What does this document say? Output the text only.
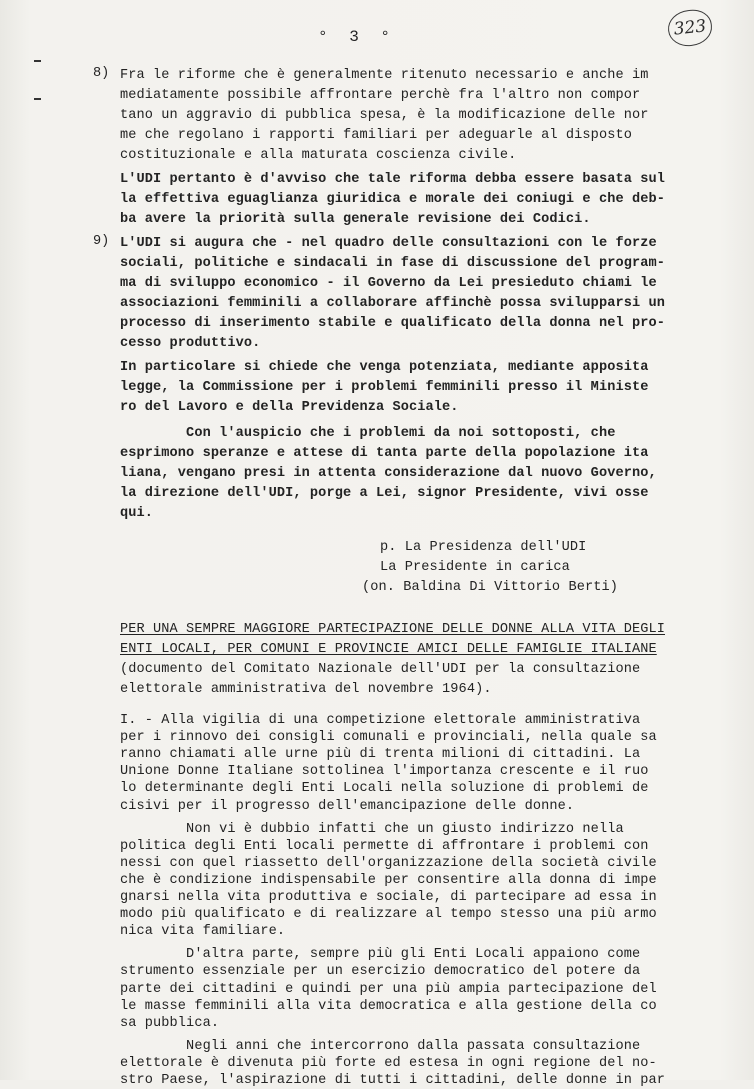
° 3 °	323
8) Fra le riforme che è generalmente ritenuto necessario e anche im
mediatamente possibile affrontare perchè fra l'altro non compor
tano un aggravio di pubblica spesa, è la modificazione delle nor
me che regolano i rapporti familiari per adeguarle al disposto
costituzionale e alla maturata coscienza civile.
L'UDI pertanto è d'avviso che tale riforma debba essere basata sul
la effettiva eguaglianza giuridica e morale dei coniugi e che deb-
ba avere la priorità sulla generale revisione dei Codici.
9) L'UDI si augura che - nel quadro delle consultazioni con le forze
sociali, politiche e sindacali in fase di discussione del program-
ma di sviluppo economico - il Governo da Lei presieduto chiami le
associazioni femminili a collaborare affinchè possa svilupparsi un
processo di inserimento stabile e qualificato della donna nel pro-
cesso produttivo.
In particolare si chiede che venga potenziata, mediante apposita
legge, la Commissione per i problemi femminili presso il Ministe
ro del Lavoro e della Previdenza Sociale.
Con l'auspicio che i problemi da noi sottoposti, che
esprimono speranze e attese di tanta parte della popolazione ita
liana, vengano presi in attenta considerazione dal nuovo Governo,
la direzione dell'UDI, porge a Lei, signor Presidente, vivi osse
qui.
p. La Presidenza dell'UDI
La Presidente in carica
(on. Baldina Di Vittorio Berti)
PER UNA SEMPRE MAGGIORE PARTECIPAZIONE DELLE DONNE ALLA VITA DEGLI
ENTI LOCALI, PER COMUNI E PROVINCIE AMICI DELLE FAMIGLIE ITALIANE
(documento del Comitato Nazionale dell'UDI per la consultazione
elettorale amministrativa del novembre 1964).
I. - Alla vigilia di una competizione elettorale amministrativa
per i rinnovo dei consigli comunali e provinciali, nella quale sa
ranno chiamati alle urne più di trenta milioni di cittadini. La
Unione Donne Italiane sottolinea l'importanza crescente e il ruo
lo determinante degli Enti Locali nella soluzione di problemi de
cisivi per il progresso dell'emancipazione delle donne.
Non vi è dubbio infatti che un giusto indirizzo nella
politica degli Enti locali permette di affrontare i problemi con
nessi con quel riassetto dell'organizzazione della società civile
che è condizione indispensabile per consentire alla donna di impe
gnarsi nella vita produttiva e sociale, di partecipare ad essa in
modo più qualificato e di realizzare al tempo stesso una più armo
nica vita familiare.
D'altra parte, sempre più gli Enti Locali appaiono come
strumento essenziale per un esercizio democratico del potere da
parte dei cittadini e quindi per una più ampia partecipazione del
le masse femminili alla vita democratica e alla gestione della co
sa pubblica.
Negli anni che intercorrono dalla passata consultazione
elettorale è divenuta più forte ed estesa in ogni regione del no-
stro Paese, l'aspirazione di tutti i cittadini, delle donne in par
